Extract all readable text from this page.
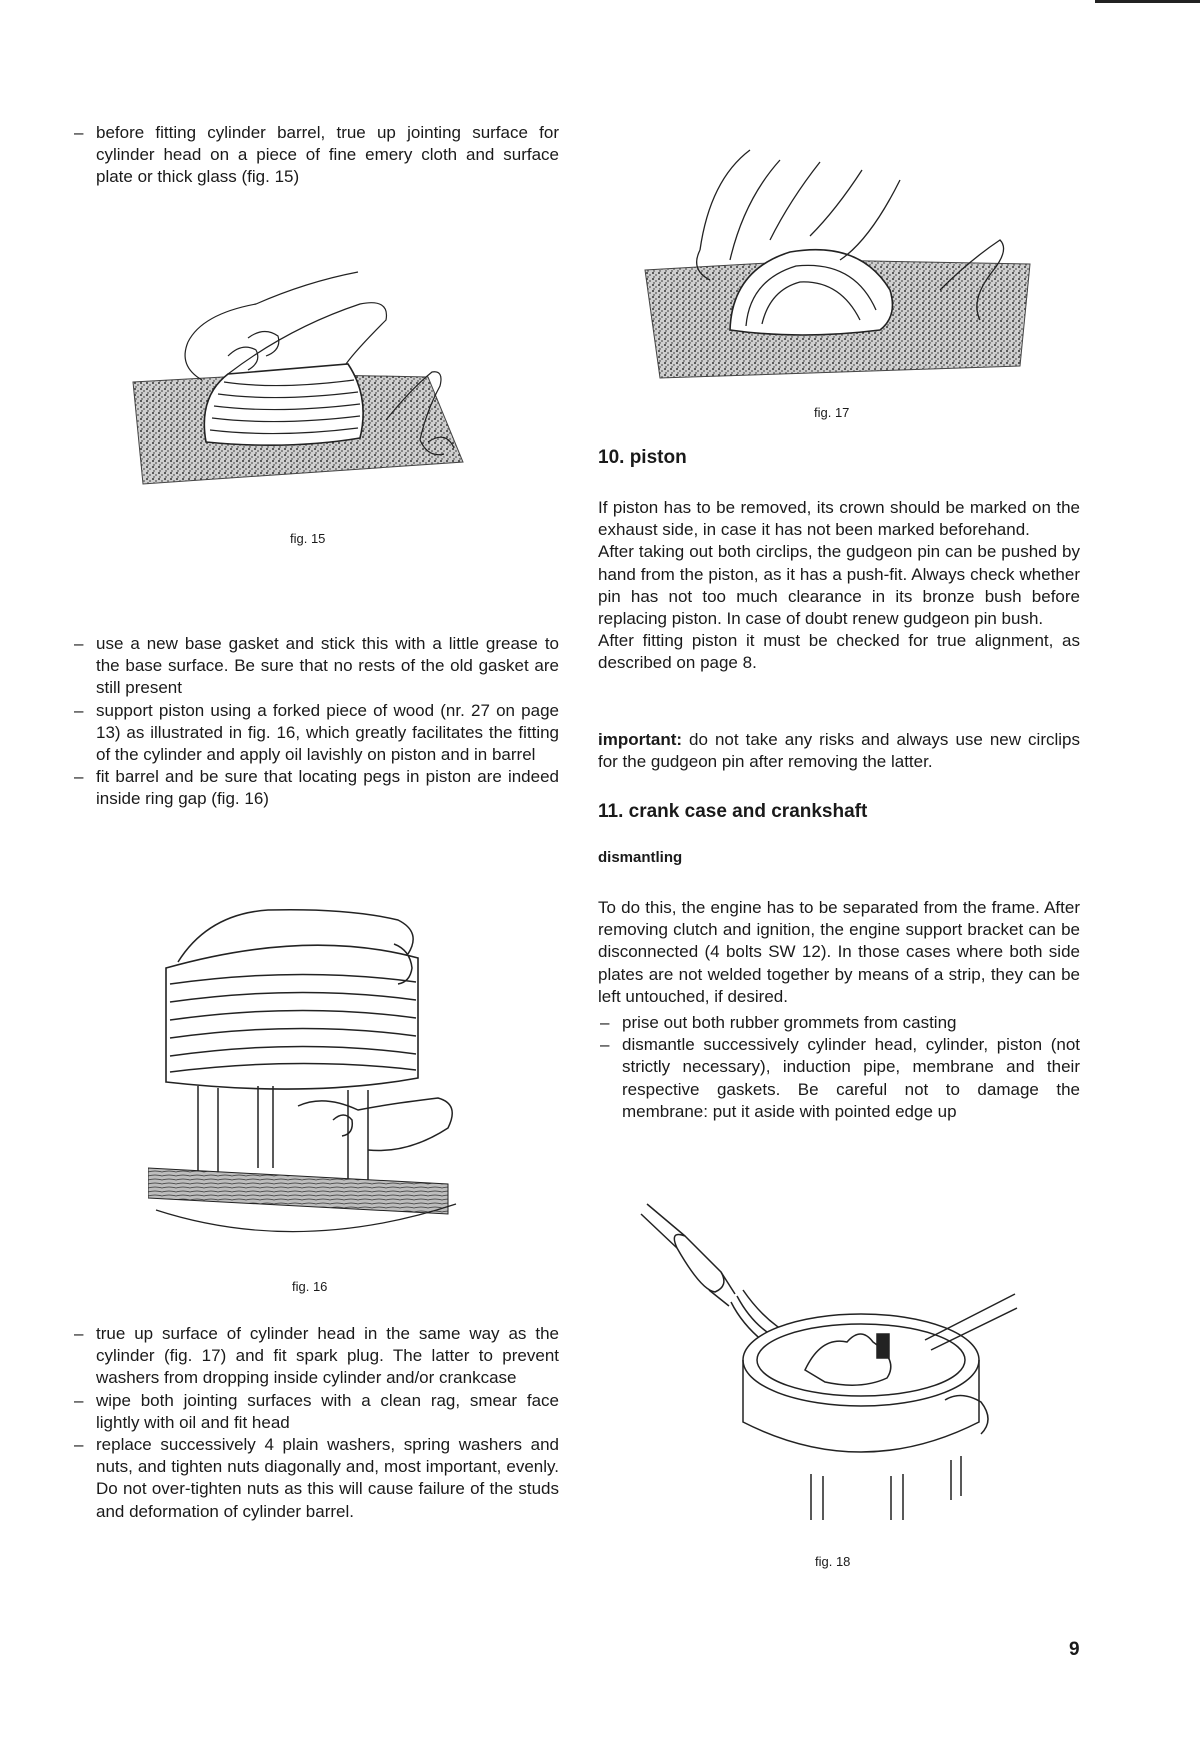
– before fitting cylinder barrel, true up jointing surface for cylinder head on a piece of fine emery cloth and surface plate or thick glass (fig. 15)
fig. 15
– use a new base gasket and stick this with a little grease to the base surface. Be sure that no rests of the old gasket are still present
– support piston using a forked piece of wood (nr. 27 on page 13) as illustrated in fig. 16, which greatly facilitates the fitting of the cylinder and apply oil lavishly on piston and in barrel
– fit barrel and be sure that locating pegs in piston are indeed inside ring gap (fig. 16)
fig. 16
– true up surface of cylinder head in the same way as the cylinder (fig. 17) and fit spark plug. The latter to prevent washers from dropping inside cylinder and/or crankcase
– wipe both jointing surfaces with a clean rag, smear face lightly with oil and fit head
– replace successively 4 plain washers, spring washers and nuts, and tighten nuts diagonally and, most important, evenly. Do not over-tighten nuts as this will cause failure of the studs and deformation of cylinder barrel.
fig. 17
10. piston
If piston has to be removed, its crown should be marked on the exhaust side, in case it has not been marked beforehand.
After taking out both circlips, the gudgeon pin can be pushed by hand from the piston, as it has a push-fit. Always check whether pin has not too much clearance in its bronze bush before replacing piston. In case of doubt renew gudgeon pin bush.
After fitting piston it must be checked for true alignment, as described on page 8.
important: do not take any risks and always use new circlips for the gudgeon pin after removing the latter.
11. crank case and crankshaft
dismantling
To do this, the engine has to be separated from the frame. After removing clutch and ignition, the engine support bracket can be disconnected (4 bolts SW 12). In those cases where both side plates are not welded together by means of a strip, they can be left untouched, if desired.
– prise out both rubber grommets from casting
– dismantle successively cylinder head, cylinder, piston (not strictly necessary), induction pipe, membrane and their respective gaskets. Be careful not to damage the membrane: put it aside with pointed edge up
fig. 18
9
